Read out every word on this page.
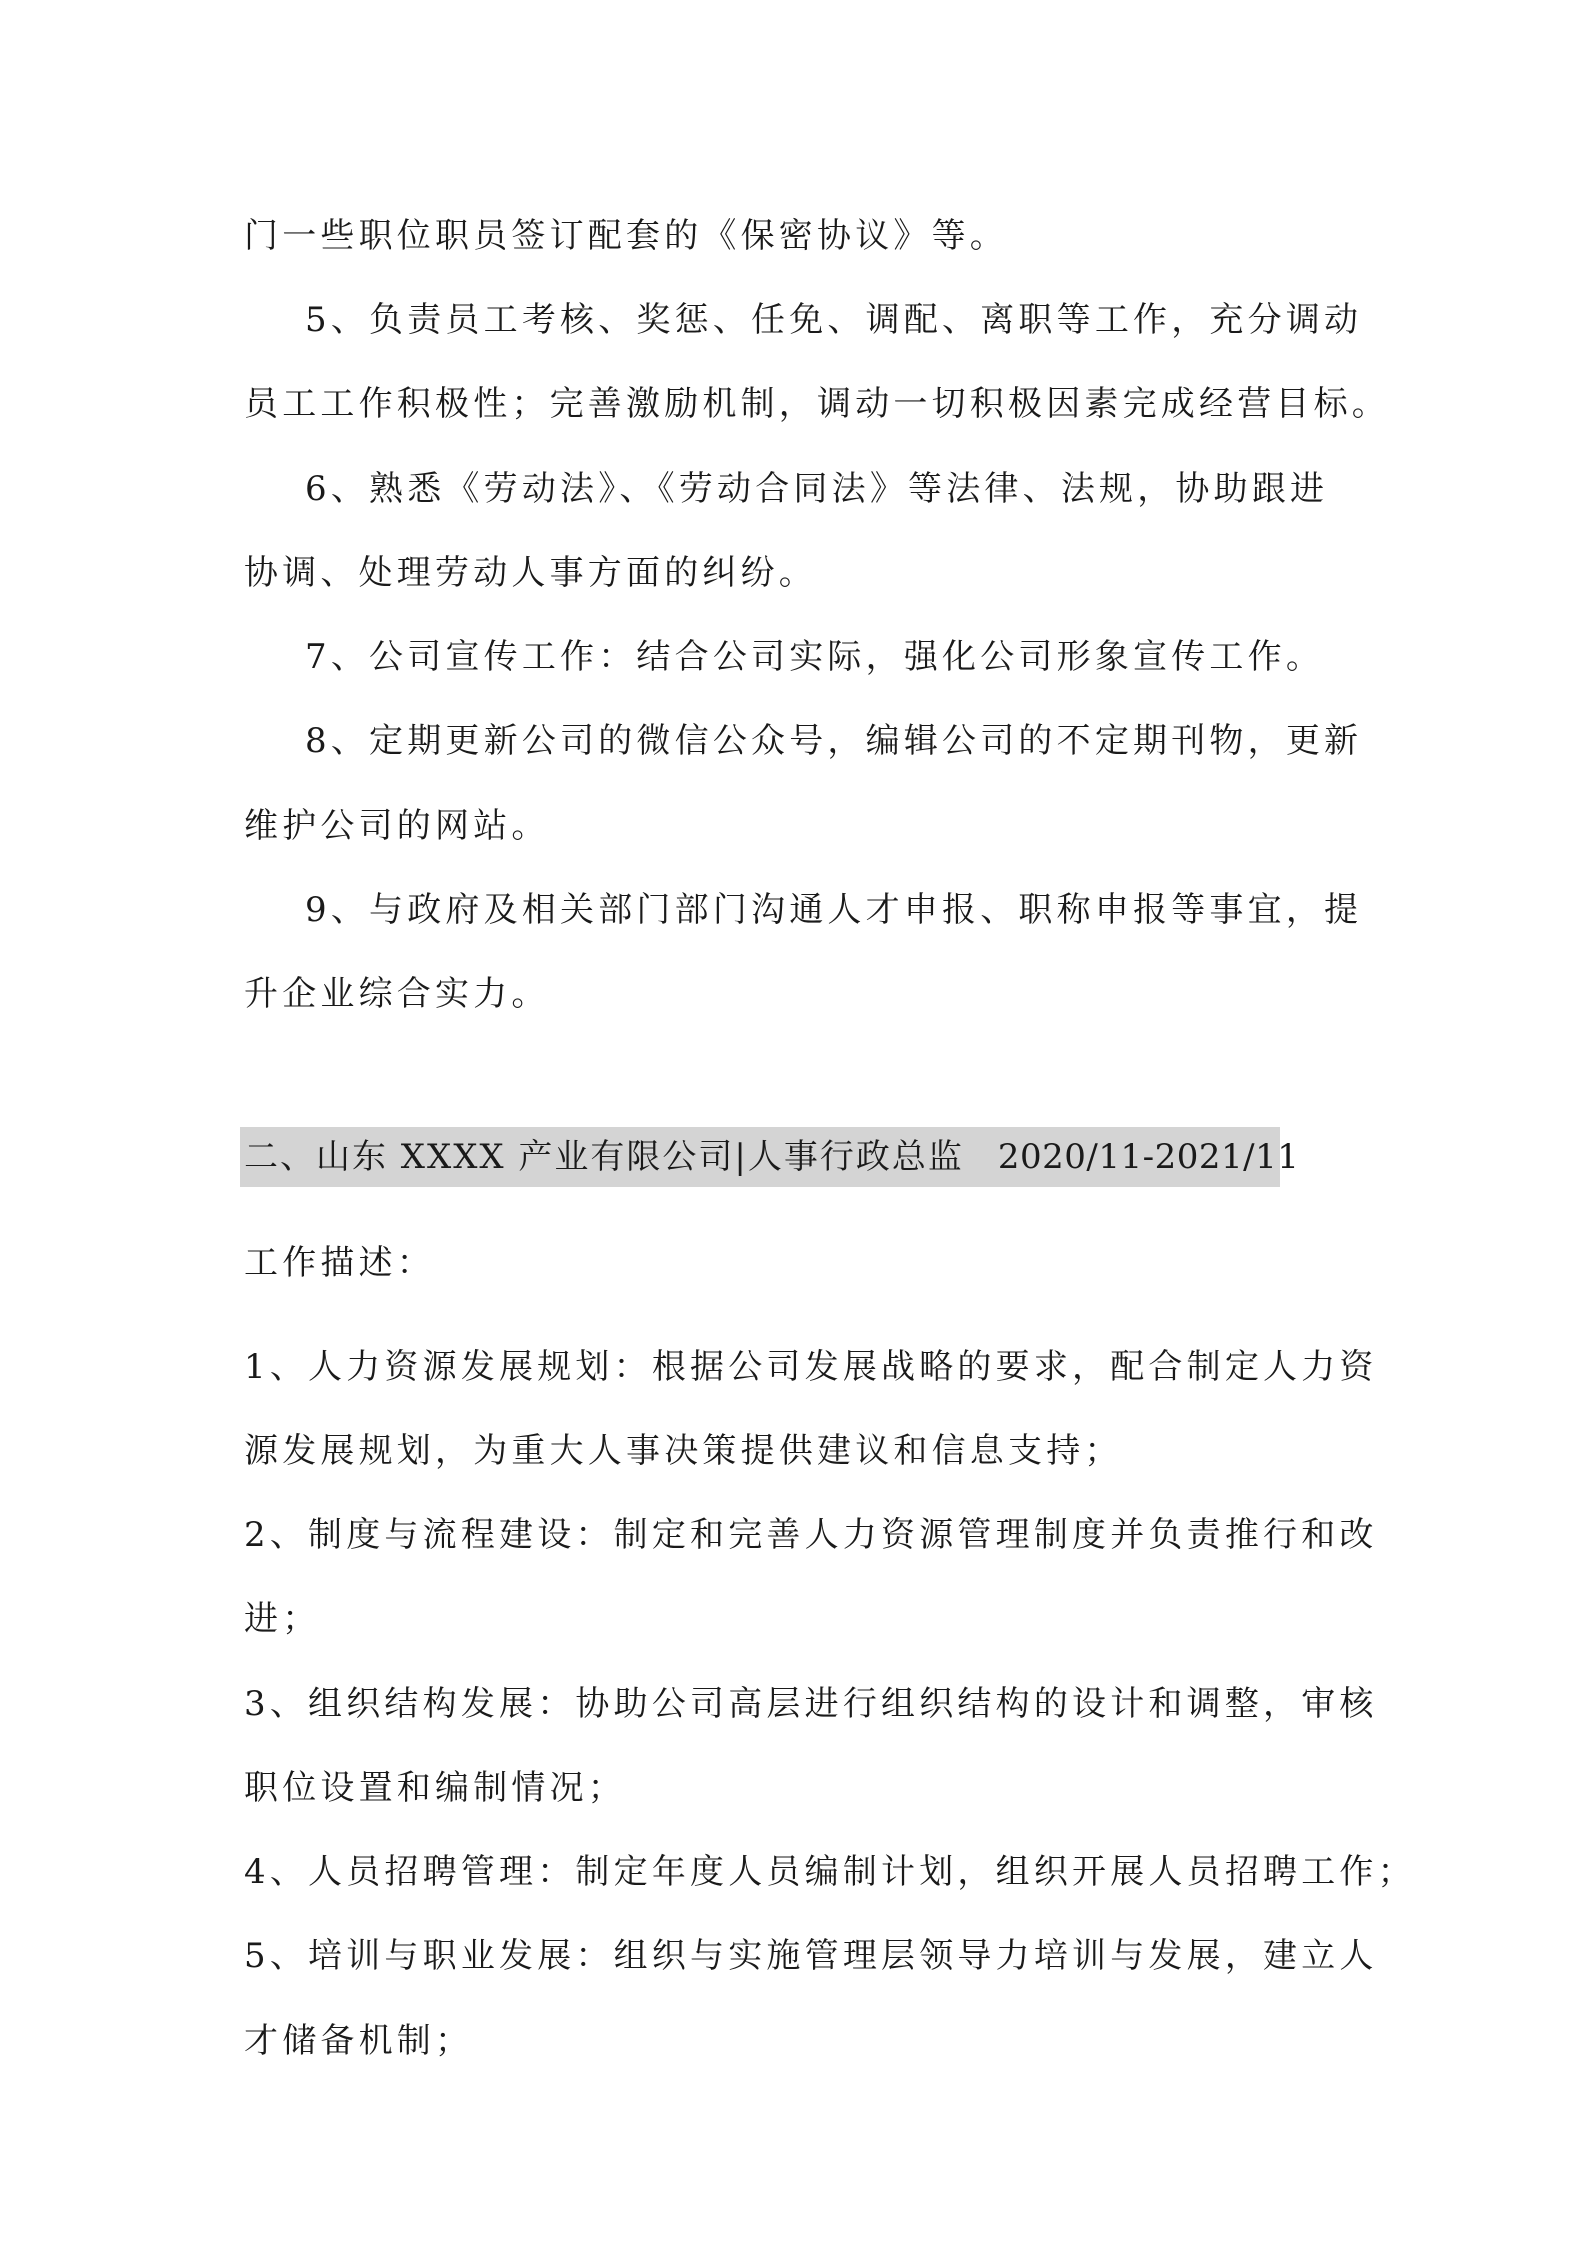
门一些职位职员签订配套的《保密协议》等。
5、负责员工考核、奖惩、任免、调配、离职等工作，充分调动
员工工作积极性；完善激励机制，调动一切积极因素完成经营目标。
6、熟悉《劳动法》、《劳动合同法》等法律、法规，协助跟进
协调、处理劳动人事方面的纠纷。
7、公司宣传工作：结合公司实际，强化公司形象宣传工作。
8、定期更新公司的微信公众号，编辑公司的不定期刊物，更新
维护公司的网站。
9、与政府及相关部门部门沟通人才申报、职称申报等事宜，提
升企业综合实力。
二、山东 XXXX 产业有限公司|人事行政总监 2020/11-2021/11
工作描述：
1、人力资源发展规划：根据公司发展战略的要求，配合制定人力资
源发展规划，为重大人事决策提供建议和信息支持；
2、制度与流程建设：制定和完善人力资源管理制度并负责推行和改
进；
3、组织结构发展：协助公司高层进行组织结构的设计和调整，审核
职位设置和编制情况；
4、人员招聘管理：制定年度人员编制计划，组织开展人员招聘工作；
5、培训与职业发展：组织与实施管理层领导力培训与发展，建立人
才储备机制；
